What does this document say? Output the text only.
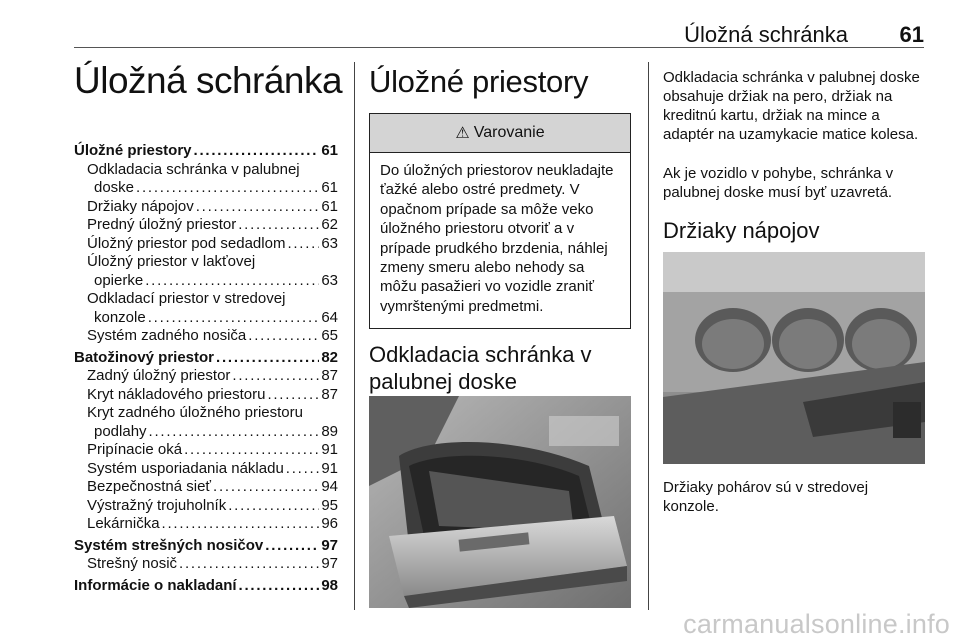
Úložná schránka 61
Úložná schránka
Úložné priestory . . .	61
Odkladacia schránka v palubnej
doske . . .	61
Držiaky nápojov . . .	61
Predný úložný priestor . . .	62
Úložný priestor pod sedadlom . . . 63
Úložný priestor v lakťovej
opierke . . .	63
Odkladací priestor v stredovej
konzole . . .	64
Systém zadného nosiča . . .	65
Batožinový priestor . . .	82
Zadný úložný priestor . . .	87
Kryt nákladového priestoru . . .	87
Kryt zadného úložného priestoru
podlahy . . .	89
Pripínacie oká . . .	91
Systém usporiadania nákladu . . .	91
Bezpečnostná sieť . . .	94
Výstražný trojuholník . . .	95
Lekárnička . . .	96
Systém strešných nosičov . . .	97
Strešný nosič . . .	97
Informácie o nakladaní . . .	98
Úložné priestory
⚠ Varovanie
Do úložných priestorov neukladajte ťažké alebo ostré predmety. V opačnom prípade sa môže veko úložného priestoru otvoriť a v prípade prudkého brzdenia, náhlej zmeny smeru alebo nehody sa môžu pasažieri vo vozidle zraniť vymrštenými predmetmi.
Odkladacia schránka v palubnej doske
Odkladacia schránka v palubnej doske obsahuje držiak na pero, držiak na kreditnú kartu, držiak na mince a adaptér na uzamykacie matice kolesa.
Ak je vozidlo v pohybe, schránka v palubnej doske musí byť uzavretá.
Držiaky nápojov
Držiaky pohárov sú v stredovej konzole.
carmanualsonline.info
